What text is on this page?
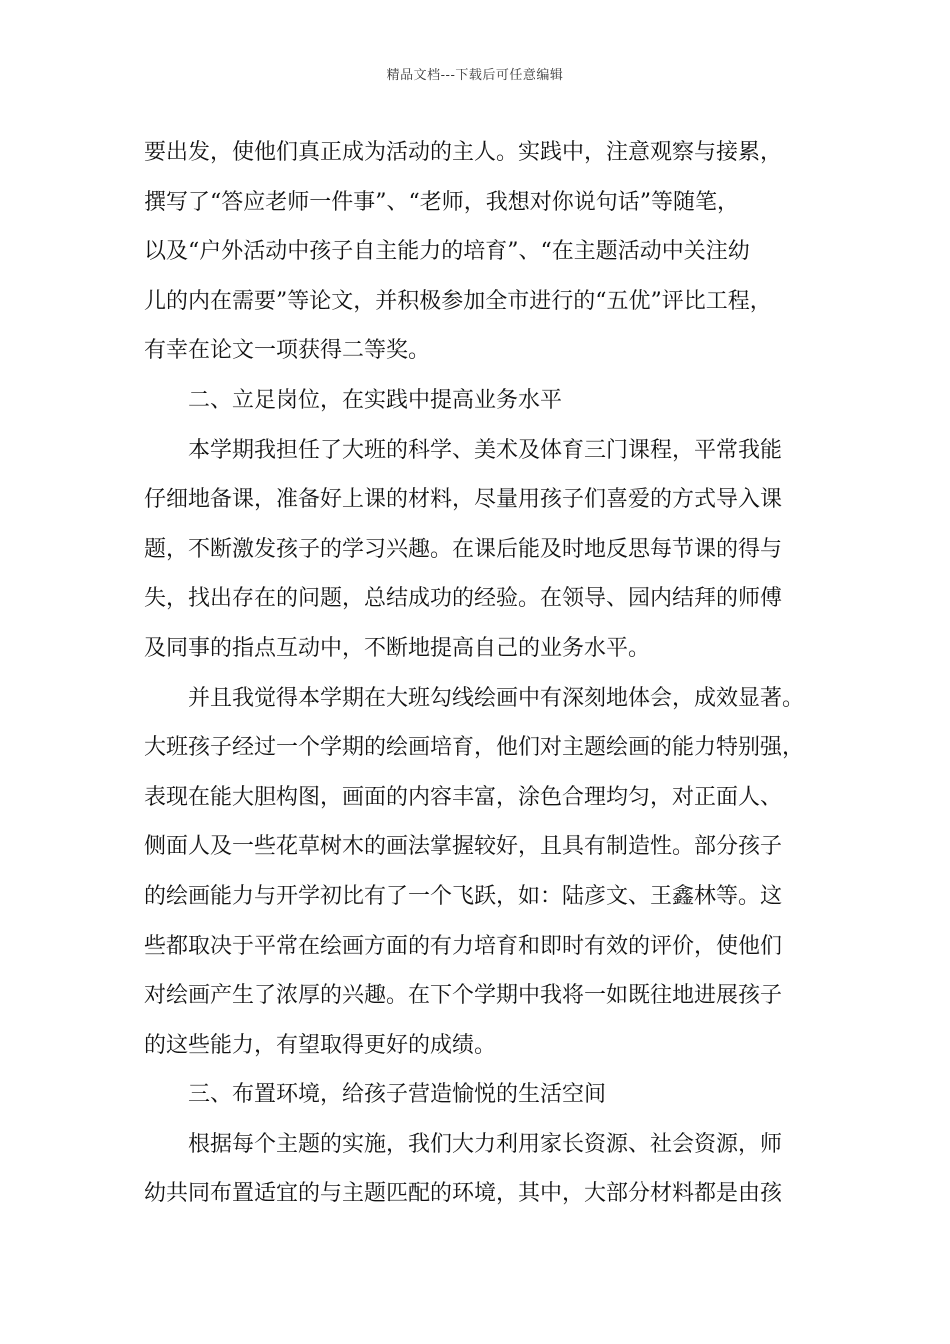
精品文档---下载后可任意编辑
要出发，使他们真正成为活动的主人。实践中，注意观察与接累，
撰写了“答应老师一件事”、“老师，我想对你说句话”等随笔，
以及“户外活动中孩子自主能力的培育”、“在主题活动中关注幼
儿的内在需要”等论文，并积极参加全市进行的“五优”评比工程，
有幸在论文一项获得二等奖。
二、立足岗位，在实践中提高业务水平
本学期我担任了大班的科学、美术及体育三门课程，平常我能
仔细地备课，准备好上课的材料，尽量用孩子们喜爱的方式导入课
题，不断激发孩子的学习兴趣。在课后能及时地反思每节课的得与
失，找出存在的问题，总结成功的经验。在领导、园内结拜的师傅
及同事的指点互动中，不断地提高自己的业务水平。
并且我觉得本学期在大班勾线绘画中有深刻地体会，成效显著。
大班孩子经过一个学期的绘画培育，他们对主题绘画的能力特别强，
表现在能大胆构图，画面的内容丰富，涂色合理均匀，对正面人、
侧面人及一些花草树木的画法掌握较好，且具有制造性。部分孩子
的绘画能力与开学初比有了一个飞跃，如：陆彦文、王鑫林等。这
些都取决于平常在绘画方面的有力培育和即时有效的评价，使他们
对绘画产生了浓厚的兴趣。在下个学期中我将一如既往地进展孩子
的这些能力，有望取得更好的成绩。
三、布置环境，给孩子营造愉悦的生活空间
根据每个主题的实施，我们大力利用家长资源、社会资源，师
幼共同布置适宜的与主题匹配的环境，其中，大部分材料都是由孩
